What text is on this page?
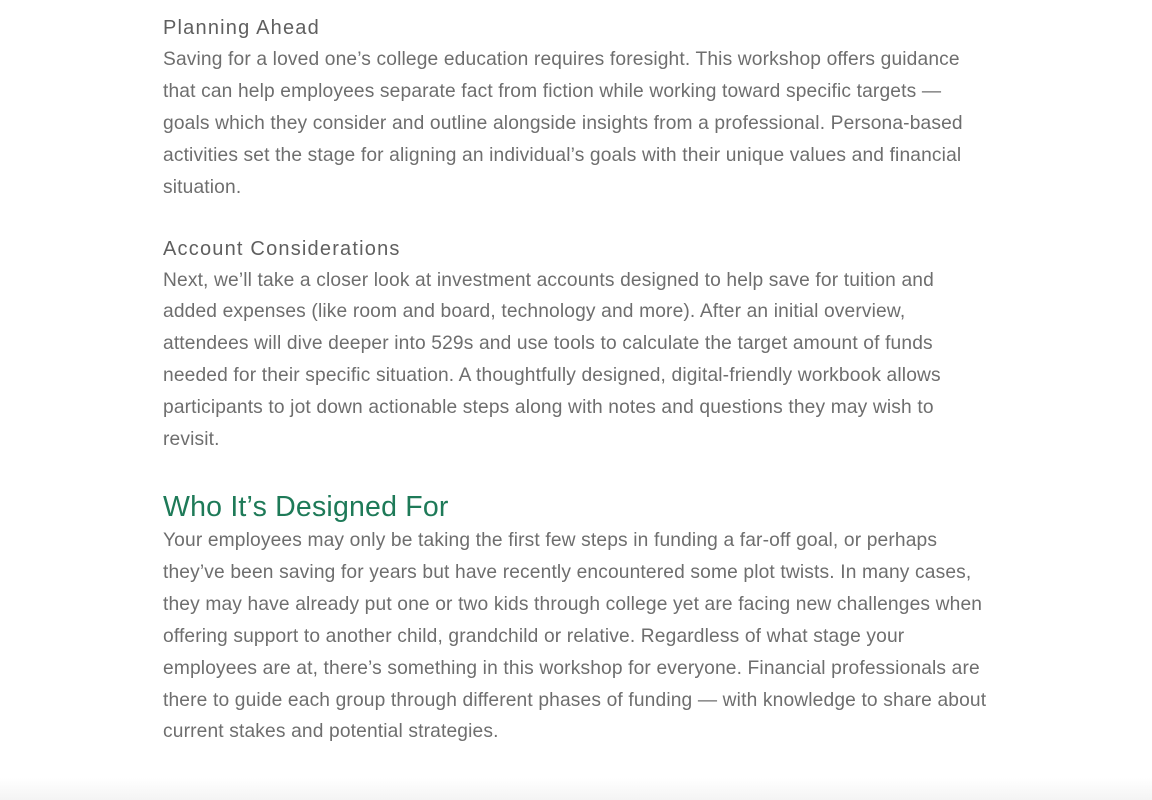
Planning Ahead

Saving for a loved one’s college education requires foresight. This workshop offers guidance that can help employees separate fact from fiction while working toward specific targets — goals which they consider and outline alongside insights from a professional. Persona-based activities set the stage for aligning an individual’s goals with their unique values and financial situation.

Account Considerations

Next, we’ll take a closer look at investment accounts designed to help save for tuition and added expenses (like room and board, technology and more). After an initial overview, attendees will dive deeper into 529s and use tools to calculate the target amount of funds needed for their specific situation. A thoughtfully designed, digital-friendly workbook allows participants to jot down actionable steps along with notes and questions they may wish to revisit.

Who It’s Designed For

Your employees may only be taking the first few steps in funding a far-off goal, or perhaps they’ve been saving for years but have recently encountered some plot twists. In many cases, they may have already put one or two kids through college yet are facing new challenges when offering support to another child, grandchild or relative. Regardless of what stage your employees are at, there’s something in this workshop for everyone. Financial professionals are there to guide each group through different phases of funding — with knowledge to share about current stakes and potential strategies.
